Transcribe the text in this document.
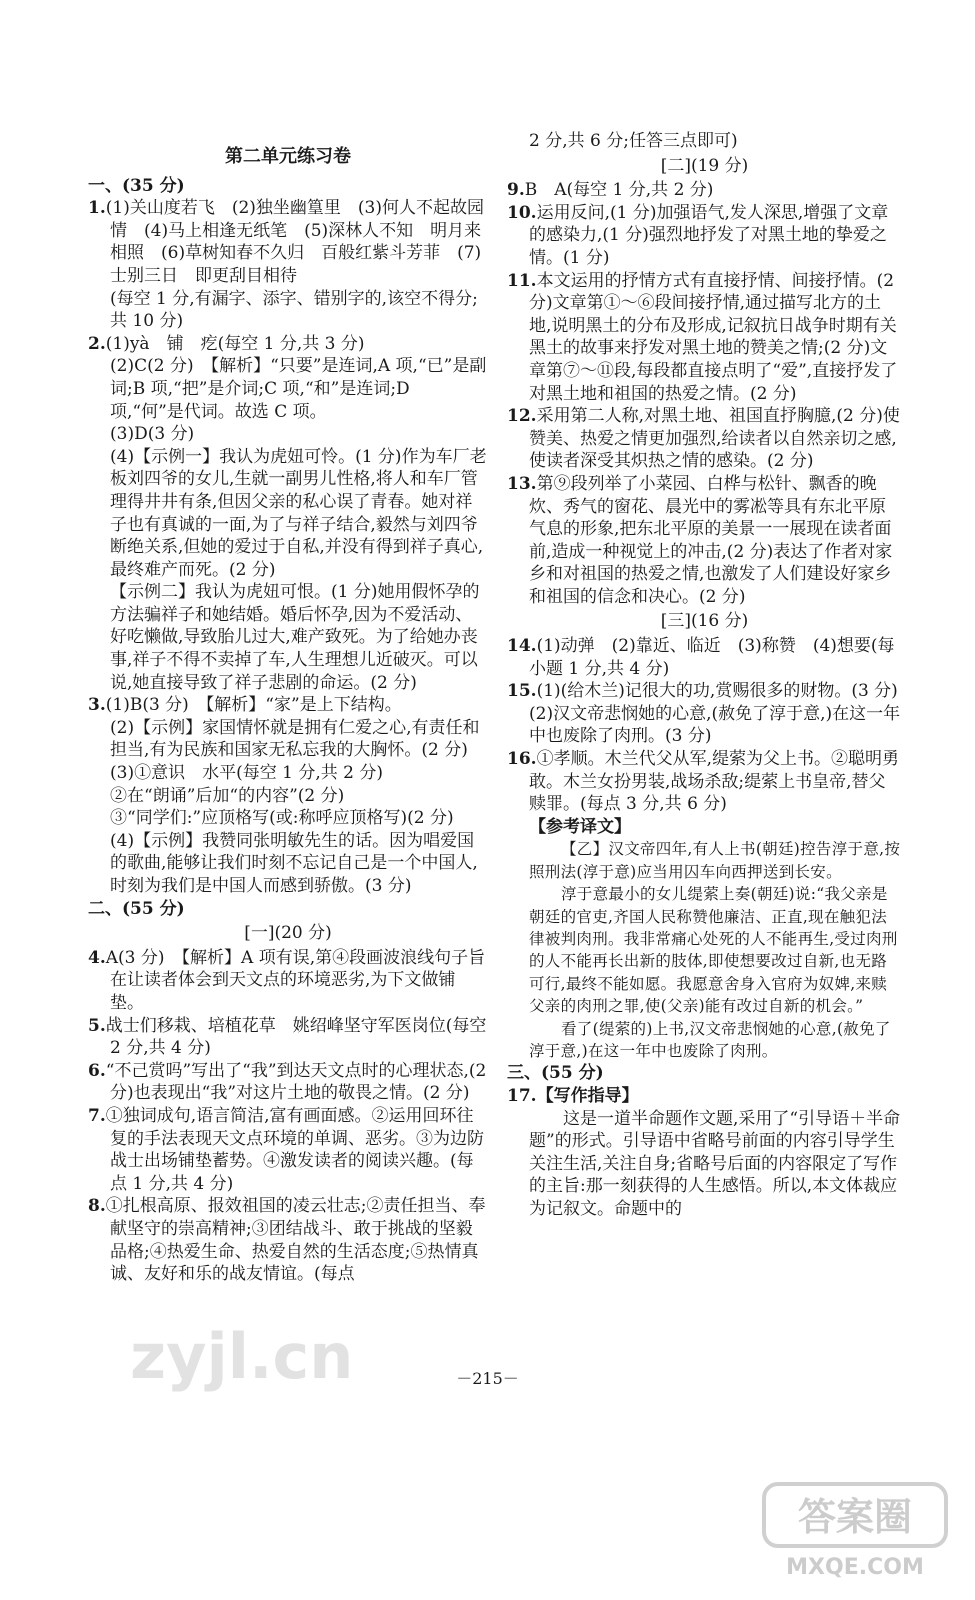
第二单元练习卷
一、(35 分)

1.(1)关山度若飞　(2)独坐幽篁里　(3)何人不起故园情　(4)马上相逢无纸笔　(5)深林人不知　明月来相照　(6)草树知春不久归　百般红紫斗芳菲　(7)士别三日　即更刮目相待

(每空 1 分,有漏字、添字、错别字的,该空不得分;共 10 分)

2.(1)yà　铺　疙(每空 1 分,共 3 分)

(2)C(2 分)　【解析】“只要”是连词,A 项,“已”是副词;B 项,“把”是介词;C 项,“和”是连词;D 项,“何”是代词。故选 C 项。

(3)D(3 分)

(4)【示例一】我认为虎妞可怜。(1 分)作为车厂老板刘四爷的女儿,生就一副男儿性格,将人和车厂管理得井井有条,但因父亲的私心误了青春。她对祥子也有真诚的一面,为了与祥子结合,毅然与刘四爷断绝关系,但她的爱过于自私,并没有得到祥子真心,最终难产而死。(2 分)

【示例二】我认为虎妞可恨。(1 分)她用假怀孕的方法骗祥子和她结婚。婚后怀孕,因为不爱活动、好吃懒做,导致胎儿过大,难产致死。为了给她办丧事,祥子不得不卖掉了车,人生理想儿近破灭。可以说,她直接导致了祥子悲剧的命运。(2 分)

3.(1)B(3 分)　【解析】“家”是上下结构。

(2)【示例】家国情怀就是拥有仁爱之心,有责任和担当,有为民族和国家无私忘我的大胸怀。(2 分)

(3)①意识　水平(每空 1 分,共 2 分)

②在“朗诵”后加“的内容”(2 分)

③“同学们:”应顶格写(或:称呼应顶格写)(2 分)

(4)【示例】我赞同张明敏先生的话。因为唱爱国的歌曲,能够让我们时刻不忘记自己是一个中国人,时刻为我们是中国人而感到骄傲。(3 分)

二、(55 分)
[一](20 分)

4.A(3 分)　【解析】A 项有误,第④段画波浪线句子旨在让读者体会到天文点的环境恶劣,为下文做铺垫。

5.战士们移栽、培植花草　姚绍峰坚守军医岗位(每空 2 分,共 4 分)

6.“不己赏吗”写出了“我”到达天文点时的心理状态,(2 分)也表现出“我”对这片土地的敬畏之情。(2 分)

7.①独词成句,语言简洁,富有画面感。②运用回环往复的手法表现天文点环境的单调、恶劣。③为边防战士出场铺垫蓄势。④激发读者的阅读兴趣。(每点 1 分,共 4 分)

8.①扎根高原、报效祖国的凌云壮志;②责任担当、奉献坚守的崇高精神;③团结战斗、敢于挑战的坚毅品格;④热爱生命、热爱自然的生活态度;⑤热情真诚、友好和乐的战友情谊。(每点

2 分,共 6 分;任答三点即可)

[二](19 分)

9.B　A(每空 1 分,共 2 分)

10.运用反问,(1 分)加强语气,发人深思,增强了文章的感染力,(1 分)强烈地抒发了对黑土地的挚爱之情。(1 分)

11.本文运用的抒情方式有直接抒情、间接抒情。(2 分)文章第①～⑥段间接抒情,通过描写北方的土地,说明黑土的分布及形成,记叙抗日战争时期有关黑土的故事来抒发对黑土地的赞美之情;(2 分)文章第⑦～⑪段,每段都直接点明了“爱”,直接抒发了对黑土地和祖国的热爱之情。(2 分)

12.采用第二人称,对黑土地、祖国直抒胸臆,(2 分)使赞美、热爱之情更加强烈,给读者以自然亲切之感,使读者深受其炽热之情的感染。(2 分)

13.第⑨段列举了小菜园、白桦与松针、飘香的晚炊、秀气的窗花、晨光中的雾凇等具有东北平原气息的形象,把东北平原的美景一一展现在读者面前,造成一种视觉上的冲击,(2 分)表达了作者对家乡和对祖国的热爱之情,也激发了人们建设好家乡和祖国的信念和决心。(2 分)

[三](16 分)

14.(1)动弹　(2)靠近、临近　(3)称赞　(4)想要(每小题 1 分,共 4 分)

15.(1)(给木兰)记很大的功,赏赐很多的财物。(3 分)

(2)汉文帝悲悯她的心意,(赦免了淳于意,)在这一年中也废除了肉刑。(3 分)

16.①孝顺。木兰代父从军,缇萦为父上书。②聪明勇敢。木兰女扮男装,战场杀敌;缇萦上书皇帝,替父赎罪。(每点 3 分,共 6 分)

【参考译文】

【乙】汉文帝四年,有人上书(朝廷)控告淳于意,按照刑法(淳于意)应当用囚车向西押送到长安。

淳于意最小的女儿缇萦上奏(朝廷)说:“我父亲是朝廷的官吏,齐国人民称赞他廉洁、正直,现在触犯法律被判肉刑。我非常痛心处死的人不能再生,受过肉刑的人不能再长出新的肢体,即使想要改过自新,也无路可行,最终不能如愿。我愿意舍身入官府为奴婢,来赎父亲的肉刑之罪,使(父亲)能有改过自新的机会。”

看了(缇萦的)上书,汉文帝悲悯她的心意,(赦免了淳于意,)在这一年中也废除了肉刑。

三、(55 分)

17.【写作指导】

这是一道半命题作文题,采用了“引导语＋半命题”的形式。引导语中省略号前面的内容引导学生关注生活,关注自身;省略号后面的内容限定了写作的主旨:那一刻获得的人生感悟。所以,本文体裁应为记叙文。命题中的

－215－
zyjl.cn
答案圈
MXQE.COM
